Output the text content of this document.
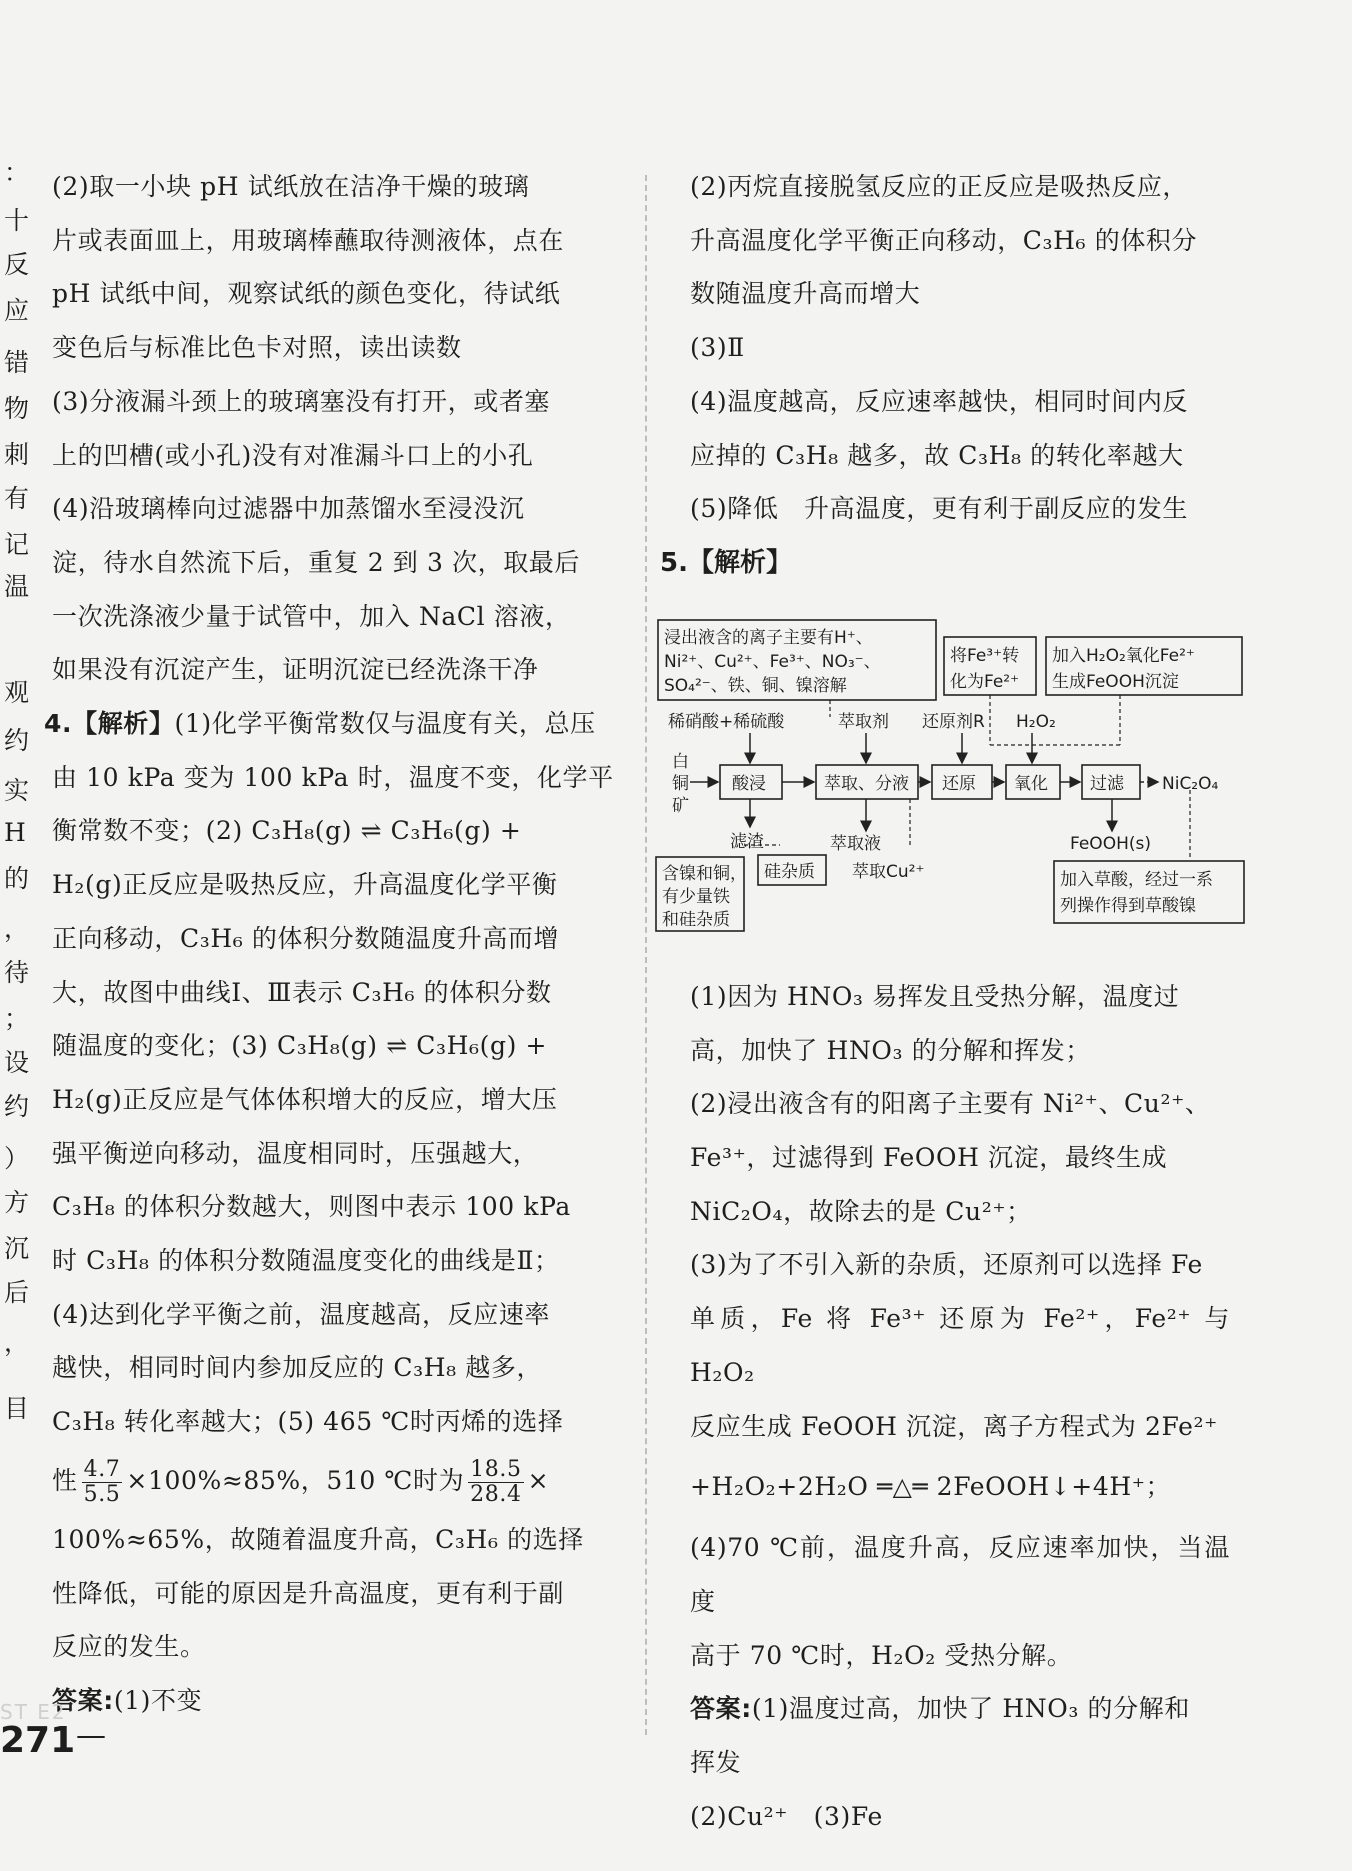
：
十
反
应
错
物
刺
有
记
温
观
约
实
H
的
，
待
；
设
约
）
方
沉
后
，
目

(2)取一小块 pH 试纸放在洁净干燥的玻璃
片或表面皿上，用玻璃棒蘸取待测液体，点在
pH 试纸中间，观察试纸的颜色变化，待试纸
变色后与标准比色卡对照，读出读数
(3)分液漏斗颈上的玻璃塞没有打开，或者塞
上的凹槽(或小孔)没有对准漏斗口上的小孔
(4)沿玻璃棒向过滤器中加蒸馏水至浸没沉
淀，待水自然流下后，重复 2 到 3 次，取最后
一次洗涤液少量于试管中，加入 NaCl 溶液，
如果没有沉淀产生，证明沉淀已经洗涤干净

4.【解析】(1)化学平衡常数仅与温度有关，总压
由 10 kPa 变为 100 kPa 时，温度不变，化学平
衡常数不变；(2) C₃H₈(g) ⇌ C₃H₆(g) +
H₂(g)正反应是吸热反应，升高温度化学平衡
正向移动，C₃H₆ 的体积分数随温度升高而增
大，故图中曲线Ⅰ、Ⅲ表示 C₃H₆ 的体积分数
随温度的变化；(3) C₃H₈(g) ⇌ C₃H₆(g) +
H₂(g)正反应是气体体积增大的反应，增大压
强平衡逆向移动，温度相同时，压强越大，
C₃H₈ 的体积分数越大，则图中表示 100 kPa
时 C₃H₈ 的体积分数随温度变化的曲线是Ⅱ；
(4)达到化学平衡之前，温度越高，反应速率
越快，相同时间内参加反应的 C₃H₈ 越多，
C₃H₈ 转化率越大；(5) 465 ℃时丙烯的选择
性 $\frac{4.7}{5.5} \times 100\%\approx 85\%$，510 ℃时为 $\frac{18.5}{28.4}$ ×
100%≈65%，故随着温度升高，C₃H₆ 的选择
性降低，可能的原因是升高温度，更有利于副
反应的发生。
答案:(1)不变

(2)丙烷直接脱氢反应的正反应是吸热反应，
升高温度化学平衡正向移动，C₃H₆ 的体积分
数随温度升高而增大
(3)Ⅱ
(4)温度越高，反应速率越快，相同时间内反
应掉的 C₃H₈ 越多，故 C₃H₈ 的转化率越大
(5)降低　升高温度，更有利于副反应的发生

5.【解析】

(1)因为 HNO₃ 易挥发且受热分解，温度过
高，加快了 HNO₃ 的分解和挥发；
(2)浸出液含有的阳离子主要有 Ni²⁺、Cu²⁺、
Fe³⁺，过滤得到 FeOOH 沉淀，最终生成
NiC₂O₄，故除去的是 Cu²⁺；
(3)为了不引入新的杂质，还原剂可以选择 Fe
单质，Fe 将 Fe³⁺ 还原为 Fe²⁺，Fe²⁺ 与 H₂O₂
反应生成 FeOOH 沉淀，离子方程式为 2Fe²⁺
+H₂O₂+2H₂O ═△═ 2FeOOH↓+4H⁺；
(4)70 ℃前，温度升高，反应速率加快，当温度
高于 70 ℃时，H₂O₂ 受热分解。
答案:(1)温度过高，加快了 HNO₃ 的分解和
挥发
(2)Cu²⁺　(3)Fe

浸出液含的离子主要有H⁺、
Ni²⁺、Cu²⁺、Fe³⁺、NO₃⁻、
SO₄²⁻、铁、铜、镍溶解
将Fe³⁺转
化为Fe²⁺
加入H₂O₂氧化Fe²⁺
生成FeOOH沉淀
稀硝酸+稀硫酸	萃取剂 还原剂R H₂O₂
白
铜
矿
酸浸	萃取、分液 还原 氧化 过滤 NiC₂O₄
滤渣	萃取液	FeOOH(s)
含镍和铜，
有少量铁
和硅杂质
硅杂质 萃取Cu²⁺	加入草酸，经过一系
列操作得到草酸镍
ST E2
271 —
